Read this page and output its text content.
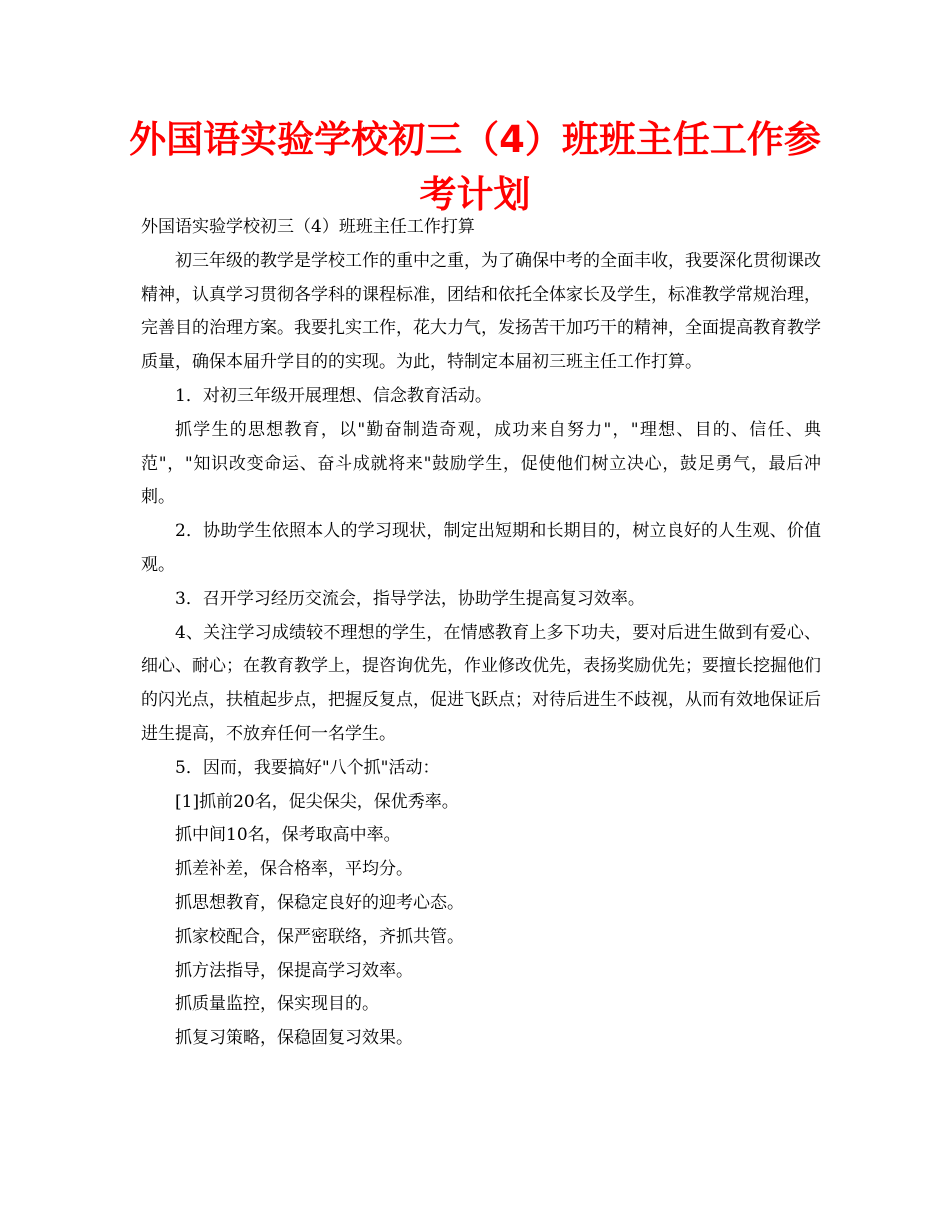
外国语实验学校初三（4）班班主任工作参考计划

外国语实验学校初三（4）班班主任工作打算

初三年级的教学是学校工作的重中之重，为了确保中考的全面丰收，我要深化贯彻课改精神，认真学习贯彻各学科的课程标准，团结和依托全体家长及学生，标准教学常规治理，完善目的治理方案。我要扎实工作，花大力气，发扬苦干加巧干的精神，全面提高教育教学质量，确保本届升学目的的实现。为此，特制定本届初三班主任工作打算。

1．对初三年级开展理想、信念教育活动。

抓学生的思想教育，以"勤奋制造奇观，成功来自努力"，"理想、目的、信任、典范"，"知识改变命运、奋斗成就将来"鼓励学生，促使他们树立决心，鼓足勇气，最后冲刺。

2．协助学生依照本人的学习现状，制定出短期和长期目的，树立良好的人生观、价值观。

3．召开学习经历交流会，指导学法，协助学生提高复习效率。

4、关注学习成绩较不理想的学生，在情感教育上多下功夫，要对后进生做到有爱心、细心、耐心；在教育教学上，提咨询优先，作业修改优先，表扬奖励优先；要擅长挖掘他们的闪光点，扶植起步点，把握反复点，促进飞跃点；对待后进生不歧视，从而有效地保证后进生提高，不放弃任何一名学生。

5．因而，我要搞好"八个抓"活动：

[1]抓前20名，促尖保尖，保优秀率。

抓中间10名，保考取高中率。

抓差补差，保合格率，平均分。

抓思想教育，保稳定良好的迎考心态。

抓家校配合，保严密联络，齐抓共管。

抓方法指导，保提高学习效率。

抓质量监控，保实现目的。

抓复习策略，保稳固复习效果。
